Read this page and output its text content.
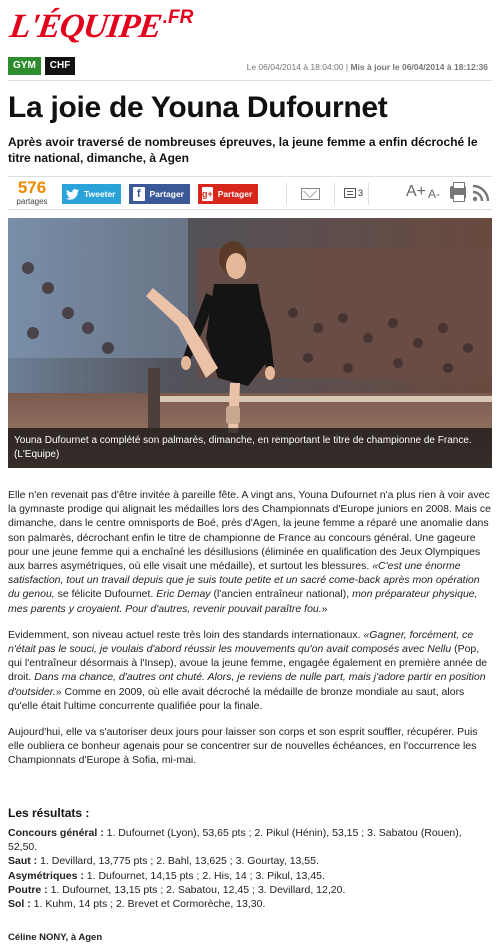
L'ÉQUIPE .FR
GYM	CHF	Le 06/04/2014 à 18:04:00 | Mis à jour le 06/04/2014 à 18:12:36
La joie de Youna Dufournet
Après avoir traversé de nombreuses épreuves, la jeune femme a enfin décroché le titre national, dimanche, à Agen
576
partages
Tweeter	f	Partager g+ Partager	3	A+ A-
Youna Dufournet a complété son palmarès, dimanche, en remportant le titre de championne de France. (L'Equipe)

Elle n'en revenait pas d'être invitée à pareille fête. A vingt ans, Youna Dufournet n'a plus rien à voir avec la gymnaste prodige qui alignait les médailles lors des Championnats d'Europe juniors en 2008. Mais ce dimanche, dans le centre omnisports de Boé, près d'Agen, la jeune femme a réparé une anomalie dans son palmarès, décrochant enfin le titre de championne de France au concours général. Une gageure pour une jeune femme qui a enchaîné les désillusions (éliminée en qualification des Jeux Olympiques aux barres asymétriques, où elle visait une médaille), et surtout les blessures. «C'est une énorme satisfaction, tout un travail depuis que je suis toute petite et un sacré come-back après mon opération du genou, se félicite Dufournet. Eric Demay (l'ancien entraîneur national), mon préparateur physique, mes parents y croyaient. Pour d'autres, revenir pouvait paraître fou.»

Evidemment, son niveau actuel reste très loin des standards internationaux. «Gagner, forcément, ce n'était pas le souci, je voulais d'abord réussir les mouvements qu'on avait composés avec Nellu (Pop, qui l'entraîneur désormais à l'Insep), avoue la jeune femme, engagée également en première année de droit. Dans ma chance, d'autres ont chuté. Alors, je reviens de nulle part, mais j'adore partir en position d'outsider.» Comme en 2009, où elle avait décroché la médaille de bronze mondiale au saut, alors qu'elle était l'ultime concurrente qualifiée pour la finale.

Aujourd'hui, elle va s'autoriser deux jours pour laisser son corps et son esprit souffler, récupérer. Puis elle oubliera ce bonheur agenais pour se concentrer sur de nouvelles échéances, en l'occurrence les Championnats d'Europe à Sofia, mi-mai.

Les résultats :
Concours général : 1. Dufournet (Lyon), 53,65 pts ; 2. Pikul (Hénin), 53,15 ; 3. Sabatou (Rouen), 52,50.
Saut : 1. Devillard, 13,775 pts ; 2. Bahl, 13,625 ; 3. Gourtay, 13,55.
Asymétriques : 1. Dufournet, 14,15 pts ; 2. His, 14 ; 3. Pikul, 13,45.
Poutre : 1. Dufournet, 13,15 pts ; 2. Sabatou, 12,45 ; 3. Devillard, 12,20.
Sol : 1. Kuhm, 14 pts ; 2. Brevet et Cormorèche, 13,30.
Céline NONY, à Agen
